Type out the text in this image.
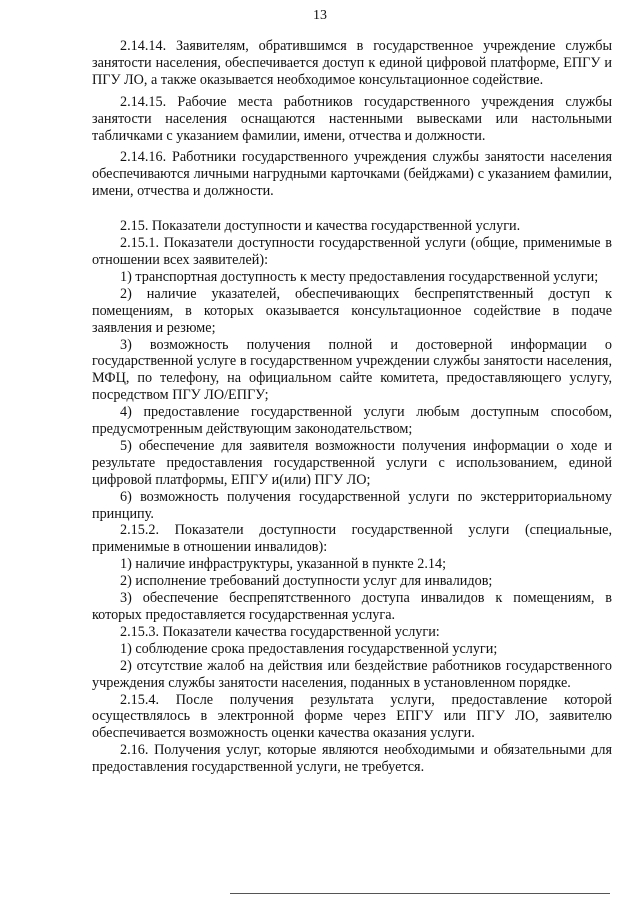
13

2.14.14. Заявителям, обратившимся в государственное учреждение службы занятости населения, обеспечивается доступ к единой цифровой платформе, ЕПГУ и ПГУ ЛО, а также оказывается необходимое консультационное содействие.

2.14.15. Рабочие места работников государственного учреждения службы занятости населения оснащаются настенными вывесками или настольными табличками с указанием фамилии, имени, отчества и должности.

2.14.16. Работники государственного учреждения службы занятости населения обеспечиваются личными нагрудными карточками (бейджами) с указанием фамилии, имени, отчества и должности.

2.15. Показатели доступности и качества государственной услуги.

2.15.1. Показатели доступности государственной услуги (общие, применимые в отношении всех заявителей):

1) транспортная доступность к месту предоставления государственной услуги;

2) наличие указателей, обеспечивающих беспрепятственный доступ к помещениям, в которых оказывается консультационное содействие в подаче заявления и резюме;

3) возможность получения полной и достоверной информации о государственной услуге в государственном учреждении службы занятости населения, МФЦ, по телефону, на официальном сайте комитета, предоставляющего услугу, посредством ПГУ ЛО/ЕПГУ;

4) предоставление государственной услуги любым доступным способом, предусмотренным действующим законодательством;

5) обеспечение для заявителя возможности получения информации о ходе и результате предоставления государственной услуги с использованием, единой цифровой платформы, ЕПГУ и(или) ПГУ ЛО;

6) возможность получения государственной услуги по экстерриториальному принципу.

2.15.2. Показатели доступности государственной услуги (специальные, применимые в отношении инвалидов):

1) наличие инфраструктуры, указанной в пункте 2.14;

2) исполнение требований доступности услуг для инвалидов;

3) обеспечение беспрепятственного доступа инвалидов к помещениям, в которых предоставляется государственная услуга.

2.15.3. Показатели качества государственной услуги:

1) соблюдение срока предоставления государственной услуги;

2) отсутствие жалоб на действия или бездействие работников государственного учреждения службы занятости населения, поданных в установленном порядке.

2.15.4. После получения результата услуги, предоставление которой осуществлялось в электронной форме через ЕПГУ или ПГУ ЛО, заявителю обеспечивается возможность оценки качества оказания услуги.

2.16. Получения услуг, которые являются необходимыми и обязательными для предоставления государственной услуги, не требуется.
